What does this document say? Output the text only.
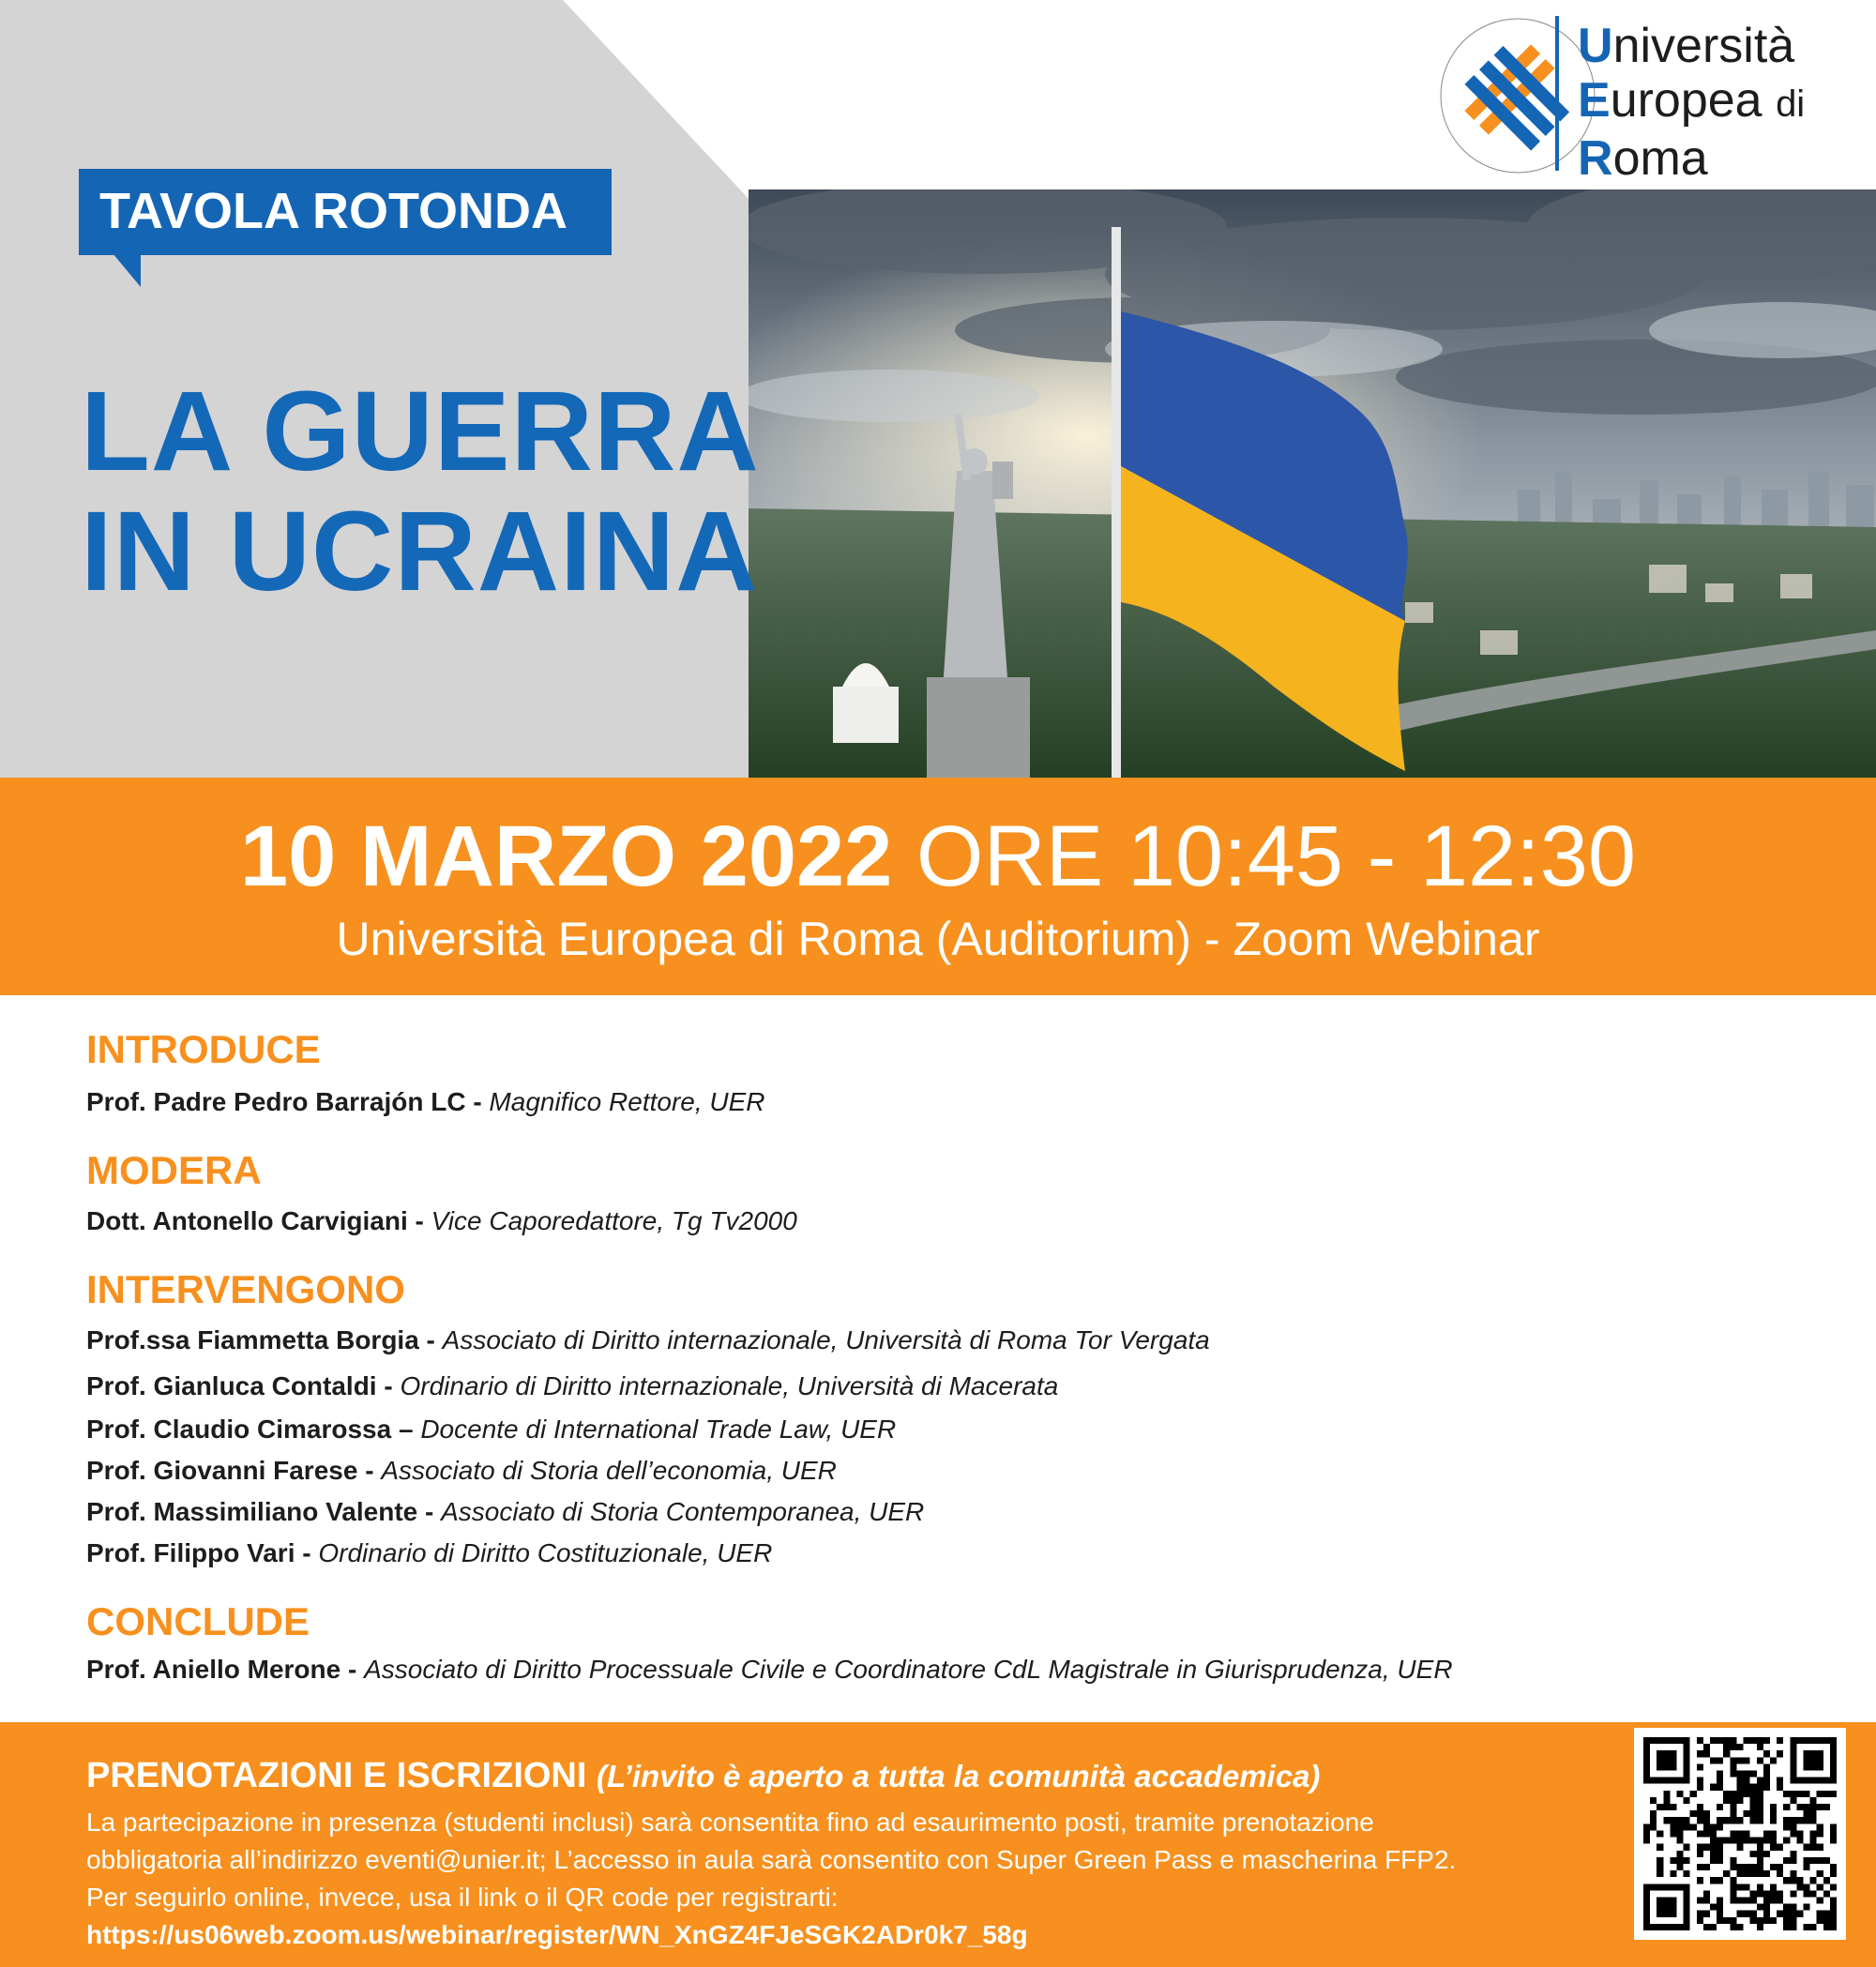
Università
Europea di
Roma
TAVOLA ROTONDA
LA GUERRA
IN UCRAINA
10 MARZO 2022 ORE 10:45 - 12:30
Università Europea di Roma (Auditorium) - Zoom Webinar
INTRODUCE
Prof. Padre Pedro Barrajón LC - Magnifico Rettore, UER
MODERA
Dott. Antonello Carvigiani - Vice Caporedattore, Tg Tv2000
INTERVENGONO
Prof.ssa Fiammetta Borgia - Associato di Diritto internazionale, Università di Roma Tor Vergata
Prof. Gianluca Contaldi - Ordinario di Diritto internazionale, Università di Macerata
Prof. Claudio Cimarossa – Docente di International Trade Law, UER
Prof. Giovanni Farese - Associato di Storia dell’economia, UER
Prof. Massimiliano Valente - Associato di Storia Contemporanea, UER
Prof. Filippo Vari - Ordinario di Diritto Costituzionale, UER
CONCLUDE
Prof. Aniello Merone - Associato di Diritto Processuale Civile e Coordinatore CdL Magistrale in Giurisprudenza, UER
PRENOTAZIONI E ISCRIZIONI (L’invito è aperto a tutta la comunità accademica)
La partecipazione in presenza (studenti inclusi) sarà consentita fino ad esaurimento posti, tramite prenotazione
obbligatoria all’indirizzo eventi@unier.it; L’accesso in aula sarà consentito con Super Green Pass e mascherina FFP2.
Per seguirlo online, invece, usa il link o il QR code per registrarti:
https://us06web.zoom.us/webinar/register/WN_XnGZ4FJeSGK2ADr0k7_58g
